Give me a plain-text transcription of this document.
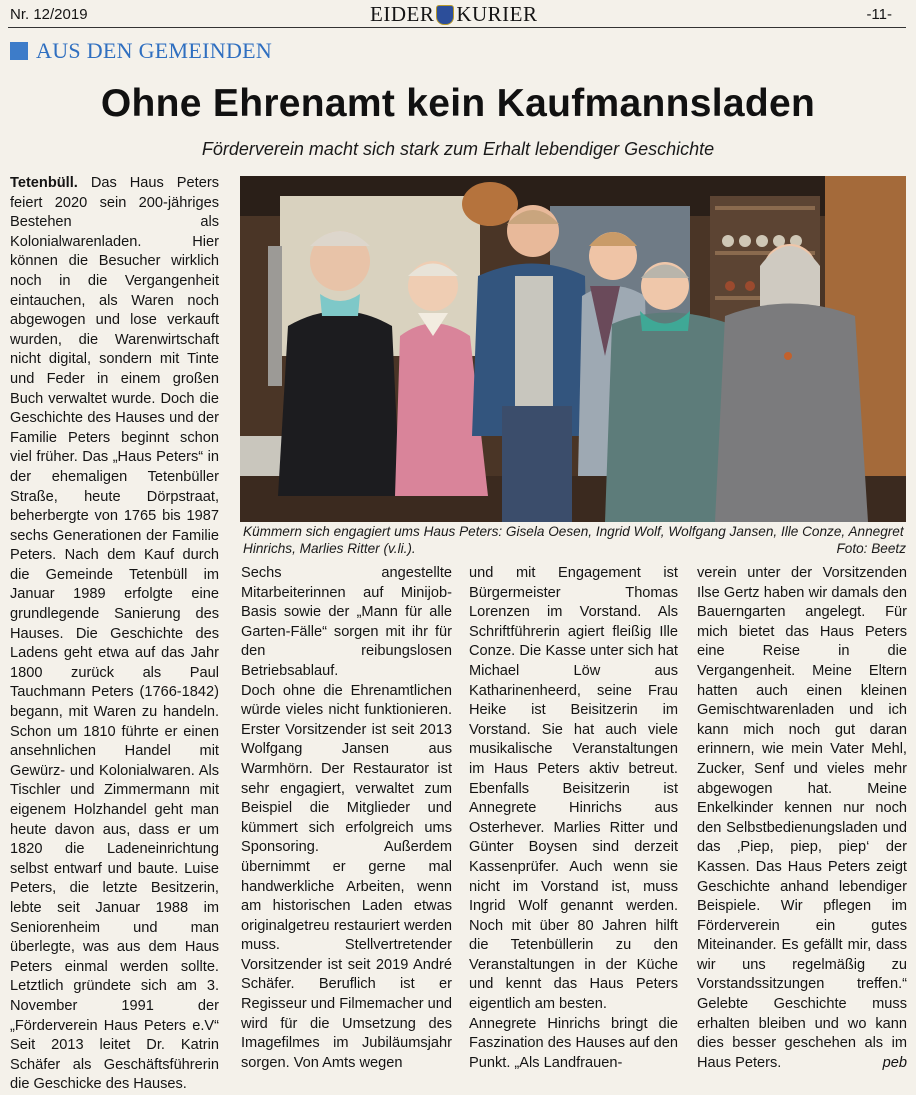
Nr. 12/2019	EIDER KURIER	-11-
AUS DEN GEMEINDEN
Ohne Ehrenamt kein Kaufmannsladen
Förderverein macht sich stark zum Erhalt lebendiger Geschichte

Tetenbüll. Das Haus Peters feiert 2020 sein 200-jähriges Bestehen als Kolonialwarenladen. Hier können die Besucher wirklich noch in die Vergangenheit eintauchen, als Waren noch abgewogen und lose verkauft wurden, die Warenwirtschaft nicht digital, sondern mit Tinte und Feder in einem großen Buch verwaltet wurde. Doch die Geschichte des Hauses und der Familie Peters beginnt schon viel früher. Das „Haus Peters“ in der ehemaligen Tetenbüller Straße, heute Dörpstraat, beherbergte von 1765 bis 1987 sechs Generationen der Familie Peters. Nach dem Kauf durch die Gemeinde Tetenbüll im Januar 1989 erfolgte eine grundlegende Sanierung des Hauses. Die Geschichte des Ladens geht etwa auf das Jahr 1800 zurück als Paul Tauchmann Peters (1766-1842) begann, mit Waren zu handeln. Schon um 1810 führte er einen ansehnlichen Handel mit Gewürz- und Kolonialwaren. Als Tischler und Zimmermann mit eigenem Holzhandel geht man heute davon aus, dass er um 1820 die Ladeneinrichtung selbst entwarf und baute. Luise Peters, die letzte Besitzerin, lebte seit Januar 1988 im Seniorenheim und man überlegte, was aus dem Haus Peters einmal werden sollte. Letztlich gründete sich am 3. November 1991 der „Förderverein Haus Peters e.V“ Seit 2013 leitet Dr. Katrin Schäfer als Geschäftsführerin die Geschicke des Hauses.

Kümmern sich engagiert ums Haus Peters: Gisela Oesen, Ingrid Wolf, Wolfgang Jansen, Ille Conze, Annegret Hinrichs, Marlies Ritter (v.li.).	Foto: Beetz

Sechs angestellte Mitarbeiterinnen auf Minijob-Basis sowie der „Mann für alle Garten-Fälle“ sorgen mit ihr für den reibungslosen Betriebsablauf.

Doch ohne die Ehrenamtlichen würde vieles nicht funktionieren. Erster Vorsitzender ist seit 2013 Wolfgang Jansen aus Warmhörn. Der Restaurator ist sehr engagiert, verwaltet zum Beispiel die Mitglieder und kümmert sich erfolgreich ums Sponsoring. Außerdem übernimmt er gerne mal handwerkliche Arbeiten, wenn am historischen Laden etwas originalgetreu restauriert werden muss. Stellvertretender Vorsitzender ist seit 2019 André Schäfer. Beruflich ist er Regisseur und Filmemacher und wird für die Umsetzung des Imagefilmes im Jubiläumsjahr sorgen. Von Amts wegen

und mit Engagement ist Bürgermeister Thomas Lorenzen im Vorstand. Als Schriftführerin agiert fleißig Ille Conze. Die Kasse unter sich hat Michael Löw aus Katharinenheerd, seine Frau Heike ist Beisitzerin im Vorstand. Sie hat auch viele musikalische Veranstaltungen im Haus Peters aktiv betreut. Ebenfalls Beisitzerin ist Annegrete Hinrichs aus Osterhever. Marlies Ritter und Günter Boysen sind derzeit Kassenprüfer. Auch wenn sie nicht im Vorstand ist, muss Ingrid Wolf genannt werden. Noch mit über 80 Jahren hilft die Tetenbüllerin zu den Veranstaltungen in der Küche und kennt das Haus Peters eigentlich am besten.

Annegrete Hinrichs bringt die Faszination des Hauses auf den Punkt. „Als Landfrauen-

verein unter der Vorsitzenden Ilse Gertz haben wir damals den Bauerngarten angelegt. Für mich bietet das Haus Peters eine Reise in die Vergangenheit. Meine Eltern hatten auch einen kleinen Gemischtwarenladen und ich kann mich noch gut daran erinnern, wie mein Vater Mehl, Zucker, Senf und vieles mehr abgewogen hat. Meine Enkelkinder kennen nur noch den Selbstbedienungsladen und das ‚Piep, piep, piep‘ der Kassen. Das Haus Peters zeigt Geschichte anhand lebendiger Beispiele. Wir pflegen im Förderverein ein gutes Miteinander. Es gefällt mir, dass wir uns regelmäßig zu Vorstandssitzungen treffen.“ Gelebte Geschichte muss erhalten bleiben und wo kann dies besser geschehen als im Haus Peters.	peb
